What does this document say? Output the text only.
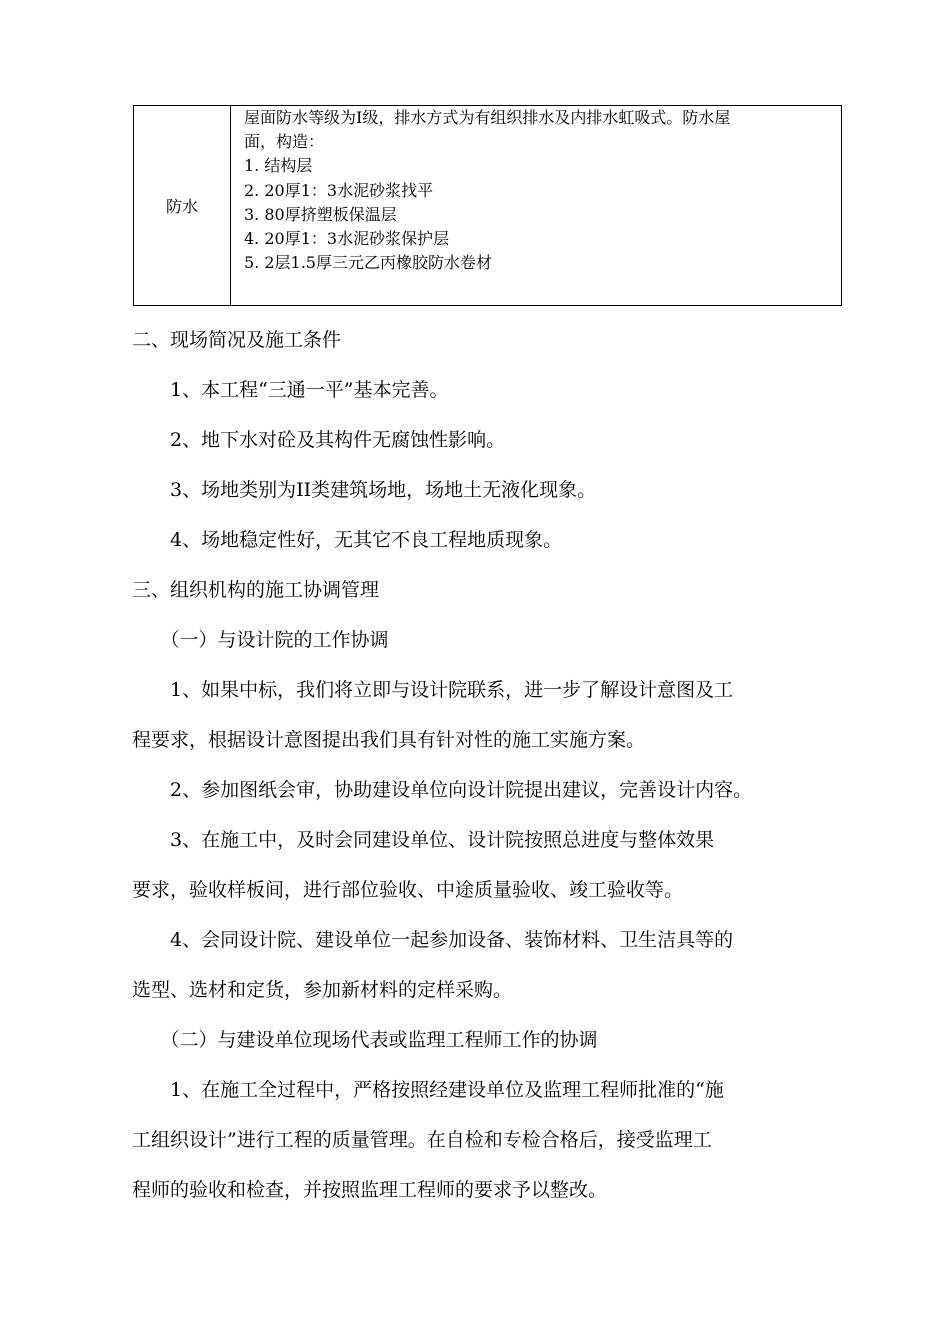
防水
屋面防水等级为Ⅰ级，排水方式为有组织排水及内排水虹吸式。防水屋
面，构造：
1. 结构层
2. 20厚1：3水泥砂浆找平
3. 80厚挤塑板保温层
4. 20厚1：3水泥砂浆保护层
5. 2层1.5厚三元乙丙橡胶防水卷材
二、现场简况及施工条件
　　1、本工程“三通一平”基本完善。
　　2、地下水对砼及其构件无腐蚀性影响。
　　3、场地类别为II类建筑场地，场地土无液化现象。
　　4、场地稳定性好，无其它不良工程地质现象。
三、组织机构的施工协调管理
　　（一）与设计院的工作协调
　　1、如果中标，我们将立即与设计院联系，进一步了解设计意图及工
程要求，根据设计意图提出我们具有针对性的施工实施方案。
　　2、参加图纸会审，协助建设单位向设计院提出建议，完善设计内容。
　　3、在施工中，及时会同建设单位、设计院按照总进度与整体效果
要求，验收样板间，进行部位验收、中途质量验收、竣工验收等。
　　4、会同设计院、建设单位一起参加设备、装饰材料、卫生洁具等的
选型、选材和定货，参加新材料的定样采购。
　　（二）与建设单位现场代表或监理工程师工作的协调
　　1、在施工全过程中，严格按照经建设单位及监理工程师批准的“施
工组织设计”进行工程的质量管理。在自检和专检合格后，接受监理工
程师的验收和检查，并按照监理工程师的要求予以整改。
